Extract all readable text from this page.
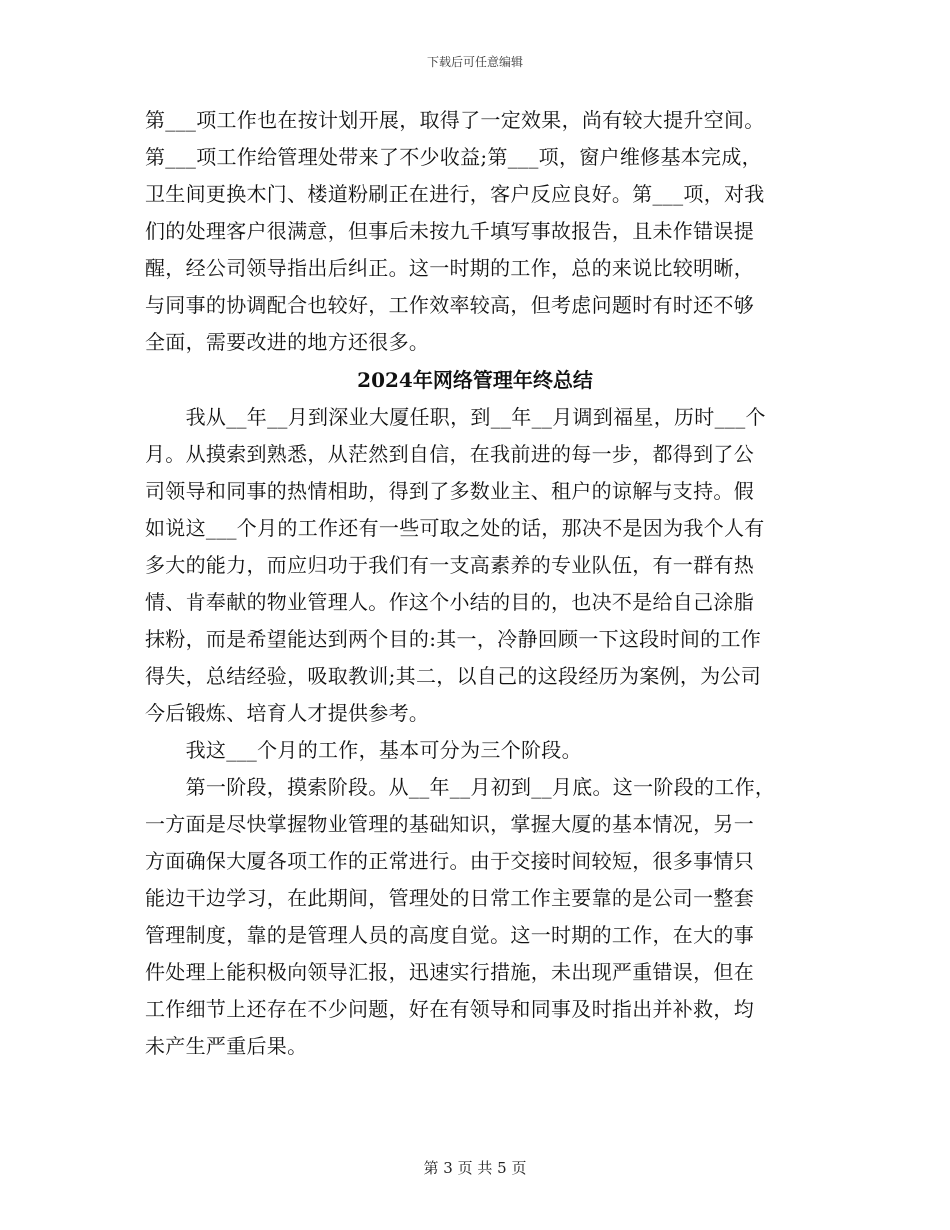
下载后可任意编辑
第___项工作也在按计划开展，取得了一定效果，尚有较大提升空间。
第___项工作给管理处带来了不少收益;第___项，窗户维修基本完成，
卫生间更换木门、楼道粉刷正在进行，客户反应良好。第___项，对我
们的处理客户很满意，但事后未按九千填写事故报告，且未作错误提
醒，经公司领导指出后纠正。这一时期的工作，总的来说比较明晰，
与同事的协调配合也较好，工作效率较高，但考虑问题时有时还不够
全面，需要改进的地方还很多。
2024年网络管理年终总结
　　我从__年__月到深业大厦任职，到__年__月调到福星，历时___个
月。从摸索到熟悉，从茫然到自信，在我前进的每一步，都得到了公
司领导和同事的热情相助，得到了多数业主、租户的谅解与支持。假
如说这___个月的工作还有一些可取之处的话，那决不是因为我个人有
多大的能力，而应归功于我们有一支高素养的专业队伍，有一群有热
情、肯奉献的物业管理人。作这个小结的目的，也决不是给自己涂脂
抹粉，而是希望能达到两个目的:其一，冷静回顾一下这段时间的工作
得失，总结经验，吸取教训;其二，以自己的这段经历为案例，为公司
今后锻炼、培育人才提供参考。
　　我这___个月的工作，基本可分为三个阶段。
　　第一阶段，摸索阶段。从__年__月初到__月底。这一阶段的工作，
一方面是尽快掌握物业管理的基础知识，掌握大厦的基本情况，另一
方面确保大厦各项工作的正常进行。由于交接时间较短，很多事情只
能边干边学习，在此期间，管理处的日常工作主要靠的是公司一整套
管理制度，靠的是管理人员的高度自觉。这一时期的工作，在大的事
件处理上能积极向领导汇报，迅速实行措施，未出现严重错误，但在
工作细节上还存在不少问题，好在有领导和同事及时指出并补救，均
未产生严重后果。
第 3 页 共 5 页
